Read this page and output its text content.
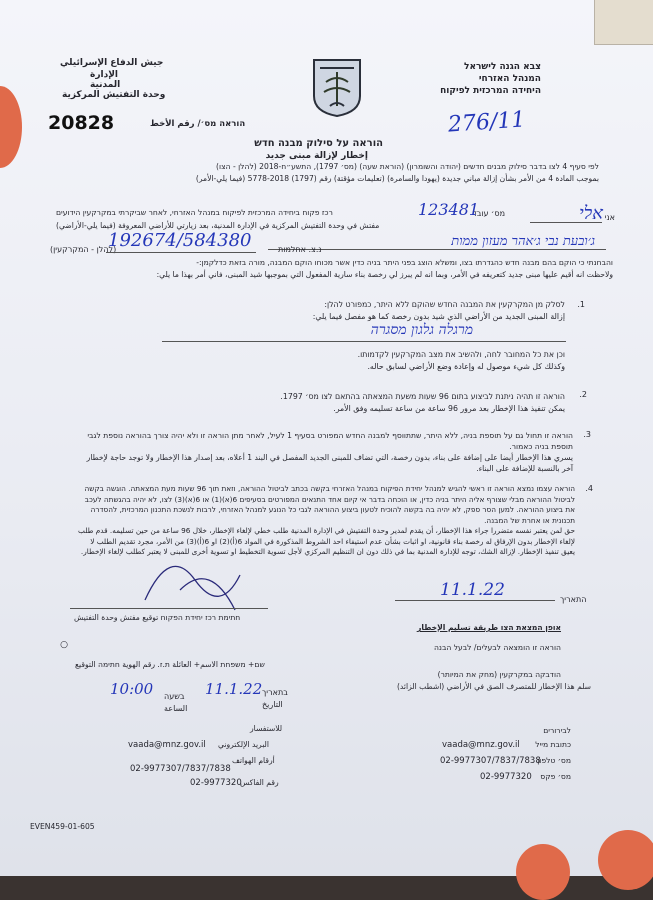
צבא הגנה לישראל
המנהל האזרחי
היחידה המרכזית לפיקוח
جيش الدفاع الإسرائيلي
الإدارة
المدنية
وحدة التفتيش المركزية
20828	הוראה מס׳/ رقم الأخط	276/11
הוראה על סילוק מבנה חדש
إخطار لإزالة مبنى جديد
לפי סעיף 4 לצו בדבר סילוק מבנים חדשים (יהודה והשומרון) (הוראת שעה) (מס׳ 1797), התשע״ח-2018 (להלן - הצו)
بموجب المادة 4 من الأمر بشأن إزالة مباني جديدة (يهودا والسامرة) (تعليمات مؤقتة) رقم (1797) 2018-5778 (فيما يلي-الأمر)
אני
אלי
מס׳ עובד
123481
רכז פקוח ביחידה המרכזית לפיקוח במנהל האזרחי, לאחר שביקרתי במקרקעין הידועים
مفتش في وحدة التفتيش المركزية في الإدارة المدنية، بعد زيارتي للأراضي المعروفة (فيما يلي-الأراضي)
ג׳ובעת נבי ג׳אהר מעזון ממות
נ.צ. אחלמות
192674/584380
(להלן - המקרקעין)
והבחנתי כי הוקם בהם מבנה חדש כהגדרתו בצו, ומשלא הוצג בפני היתר בניה כדין אשר מכוחו הוקם המבנה, מורה בזאת כדלקמן:-
ولاحظت انه أقيم عليها مبنى جديد كتعريفه في الأمر، وبما انه لم يبرز لي رخصة بناء سارية المفعول التي بموجبها شيد المبنى، فاني أمر بهذا ما يلي:
1.
לסלק מן המקרקעין את המבנה החדש שהוקם ללא היתר, כמפורט להלן:
إزالة المبنى الجديد من الأراضي الذي شيد بدون رخصة كما هو مفصل فيما يلي:
מרגלה גלגון מסגרה
וכן את כל המחובר לחה, ולהשיב את מצב המקרקעין לקדמותו.
وكذلك كل شيء موصول له وإعادة وضع الأراضي لسابق حاله.
2.
הוראה זו תהיה ניתנת לביצוע בתום 96 שעות משעת המצאתה בהתאם לצו מס׳ 1797.
يمكن تنفيذ هذا الإخطار بعد مرور 96 ساعة من ساعة تسليمه وفق الأمر.
3.

הוראה זו תחול גם על תוספת בניה, ללא היתר, שתתווסף למבנה החדש המפורט בסעיף 1 לעיל, לאחר מתן הוראה זו ולא יהיה צורך בהוראה נוספת לגבי תוספת בניה כאמור.

يسري هذا الإخطار أيضا على إضافة على بناء، بدون رخصة، التي تضاف للمبنى الجديد المفصل في البند 1 أعلاه، بعد إصدار هذا الإخطار ولا توجد حاجة لإخطار آخر بالنسبة للإضافة على البناء.

4.

הוראה עצמו נמצא הוראה זו ראשי להגיש למנהל יחידת הפיקוח במנהל האזרחי בקשה בכתב לביטול ההוראה, וזאת תוך 96 שעות מעת המצאתה. הוגשה בקשה לביטול ההוראה מבלי שצורף אליה היתר בניה כדין, או הוכחה בדבר אי קיום אחד התנאים המפורטים בסעיפים 6(א)(1) או 6(א)(3) לצו, לא יהיה בהגשתה לעכב את ביצוע ההוראה. למען הסר ספק, לא יהיה בה בקשה להוכיח לטעון ביצוע ההוראה לגבי כל הנוגע למנהל האזרחי, לרבות לנשכת התכנון המרכזית, להסדרה תכנונית או אחרת של המבנה.

حق لمن يعتبر نفسه متضررا جراء هذا الإخطار، أن يقدم لمدير وحدة التفتيش في الإدارة المدنية طلب خطي لإلغاء الإخطار، خلال 96 ساعة من حين تسليمه. قدم طلب لإلغاء الإخطار بدون الإرفاق له رخصة بناء قانونية، او اثبات بشأن عدم استيفاء احد الشروط المذكورة في المواد 6(أ)(2) او 6(أ)(3) من الأمر، مجرد تقديم الطلب لا يعيق تنفيذ الإخطار. لإزالة الشك، توجه للإدارة المدنية بما في ذلك دون ان التنظيم المركزي لأجل تسوية التخطيط او تسوية أخرى للمبنى لا يعتبر كطلب لإلغاء الإخطار.

11.1.22	התאריך
חתימת רכז יחידת הפקוח توقيع مفتش وحدة التفتيش
אופן המצאת הצו طريقة تسليم الإخطار
הוראה זו הומצאה לבעלים/ לבעל הבנה
○
שם+ משפחת الاسم+ العائلة ת.ז. رقم الهوية חתימה التوقيع
הודבקה במקרקעין (מחק את המיותר)
سلم هذا الإخطار للمتصرف الصق في الأراضي (اشطب الزائد)
11.1.22 בתאריך
التاريخ
10:00 בשעה
الساعة
לבירורים
כתובת מייל
vaada@mnz.gov.il
מס׳ טלפון
02-9977307/7837/7838
מס׳ פקס
02-9977320
للاستفسار
البريد الإلكتروني
vaada@mnz.gov.il
أرقام الهواتف
02-9977307/7837/7838
رقم الفاكس
02-9977320
EVEN459-01-605
